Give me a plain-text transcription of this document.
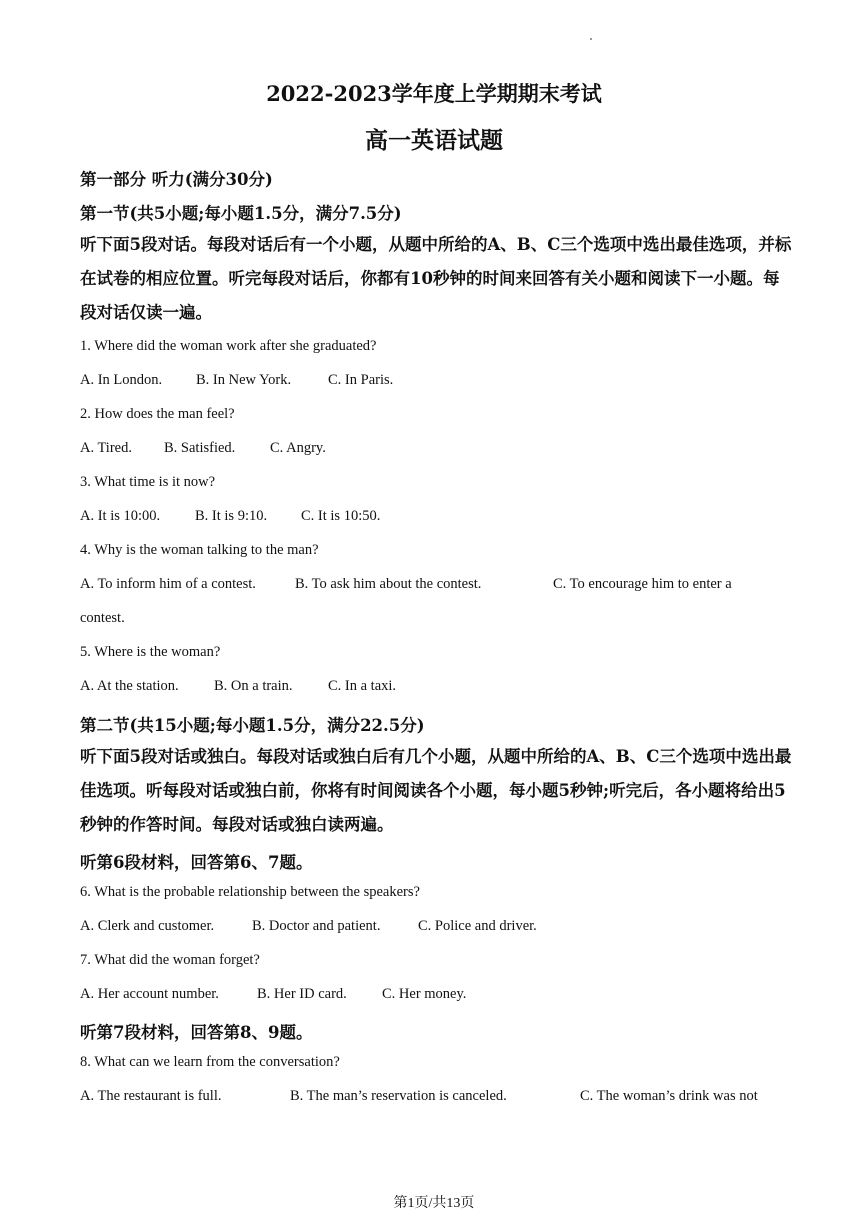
2022-2023学年度上学期期末考试
高一英语试题
第一部分 听力(满分30分)
第一节(共5小题;每小题1.5分，满分7.5分)
听下面5段对话。每段对话后有一个小题，从题中所给的A、B、C三个选项中选出最佳选项，并标在试卷的相应位置。听完每段对话后，你都有10秒钟的时间来回答有关小题和阅读下一小题。每段对话仅读一遍。
1. Where did the woman work after she graduated?
A. In London. B. In New York.	C. In Paris.
2. How does the man feel?
A. Tired. B. Satisfied. C. Angry.
3. What time is it now?
A. It is 10:00. B. It is 9:10. C. It is 10:50.
4. Why is the woman talking to the man?
A. To inform him of a contest.	B. To ask him about the contest.	C. To encourage him to enter a
contest.
5. Where is the woman?
A. At the station. B. On a train. C. In a taxi.
第二节(共15小题;每小题1.5分，满分22.5分)
听下面5段对话或独白。每段对话或独白后有几个小题，从题中所给的A、B、C三个选项中选出最佳选项。听每段对话或独白前，你将有时间阅读各个小题，每小题5秒钟;听完后，各小题将给出5秒钟的作答时间。每段对话或独白读两遍。
听第6段材料，回答第6、7题。
6. What is the probable relationship between the speakers?
A. Clerk and customer.	B. Doctor and patient.	C. Police and driver.
7. What did the woman forget?
A. Her account number.	B. Her ID card. C. Her money.
听第7段材料，回答第8、9题。
8. What can we learn from the conversation?
A. The restaurant is full.	B. The man’s reservation is canceled.	C. The woman’s drink was not
第1页/共13页
